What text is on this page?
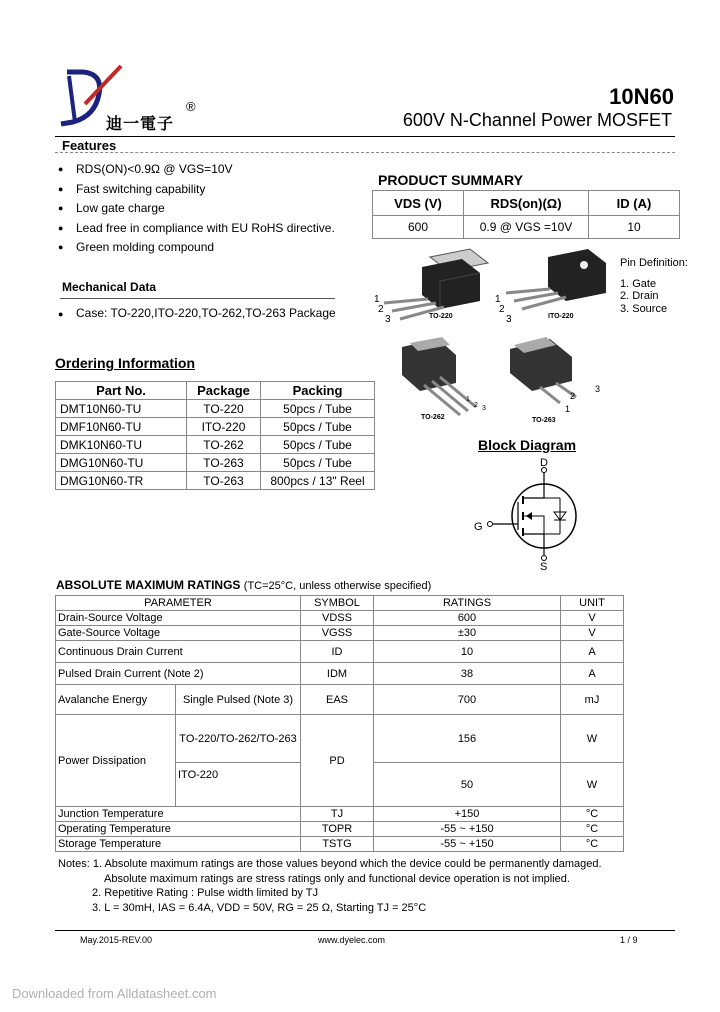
迪一電子
®	10N60
600V N-Channel Power MOSFET
Features
● RDS(ON)<0.9Ω @ VGS=10V
● Fast switching capability
● Low gate charge
● Lead free in compliance with EU RoHS directive.
● Green molding compound
Mechanical Data
● Case: TO-220,ITO-220,TO-262,TO-263 Package
PRODUCT SUMMARY
VDS (V)	RDS(on)(Ω)	ID (A)
600	0.9 @ VGS =10V	10
TO-220	ITO-220
TO-262	TO-263
1
2
3
1
2
3
1
2 3	1
2
3
Pin Definition:
1. Gate
2. Drain
3. Source
Ordering Information
Part No.	Package	Packing
DMT10N60-TU	TO-220	50pcs / Tube
DMF10N60-TU	ITO-220	50pcs / Tube
DMK10N60-TU	TO-262	50pcs / Tube
DMG10N60-TU	TO-263	50pcs / Tube
DMG10N60-TR	TO-263	800pcs / 13" Reel
Block Diagram
D
G
S
ABSOLUTE MAXIMUM RATINGS (TC=25°C, unless otherwise specified)
PARAMETER		SYMBOL	RATINGS	UNIT
Drain-Source Voltage		VDSS	600	V
Gate-Source Voltage		VGSS	±30	V
Continuous Drain Current		ID	10	A
Pulsed Drain Current (Note 2)		IDM	38	A
Avalanche Energy	Single Pulsed (Note 3)	EAS	700	mJ
Power Dissipation	TO-220/TO-262/TO-263	PD	156	W
	ITO-220		50	W
Junction Temperature		TJ	+150	°C
Operating Temperature		TOPR	-55 ~ +150	°C
Storage Temperature		TSTG	-55 ~ +150	°C
Notes: 1. Absolute maximum ratings are those values beyond which the device could be permanently damaged.
Absolute maximum ratings are stress ratings only and functional device operation is not implied.
2. Repetitive Rating : Pulse width limited by TJ
3. L = 30mH, IAS = 6.4A, VDD = 50V, RG = 25 Ω, Starting TJ = 25°C
May.2015-REV.00	www.dyelec.com	1 / 9
Downloaded from Alldatasheet.com
